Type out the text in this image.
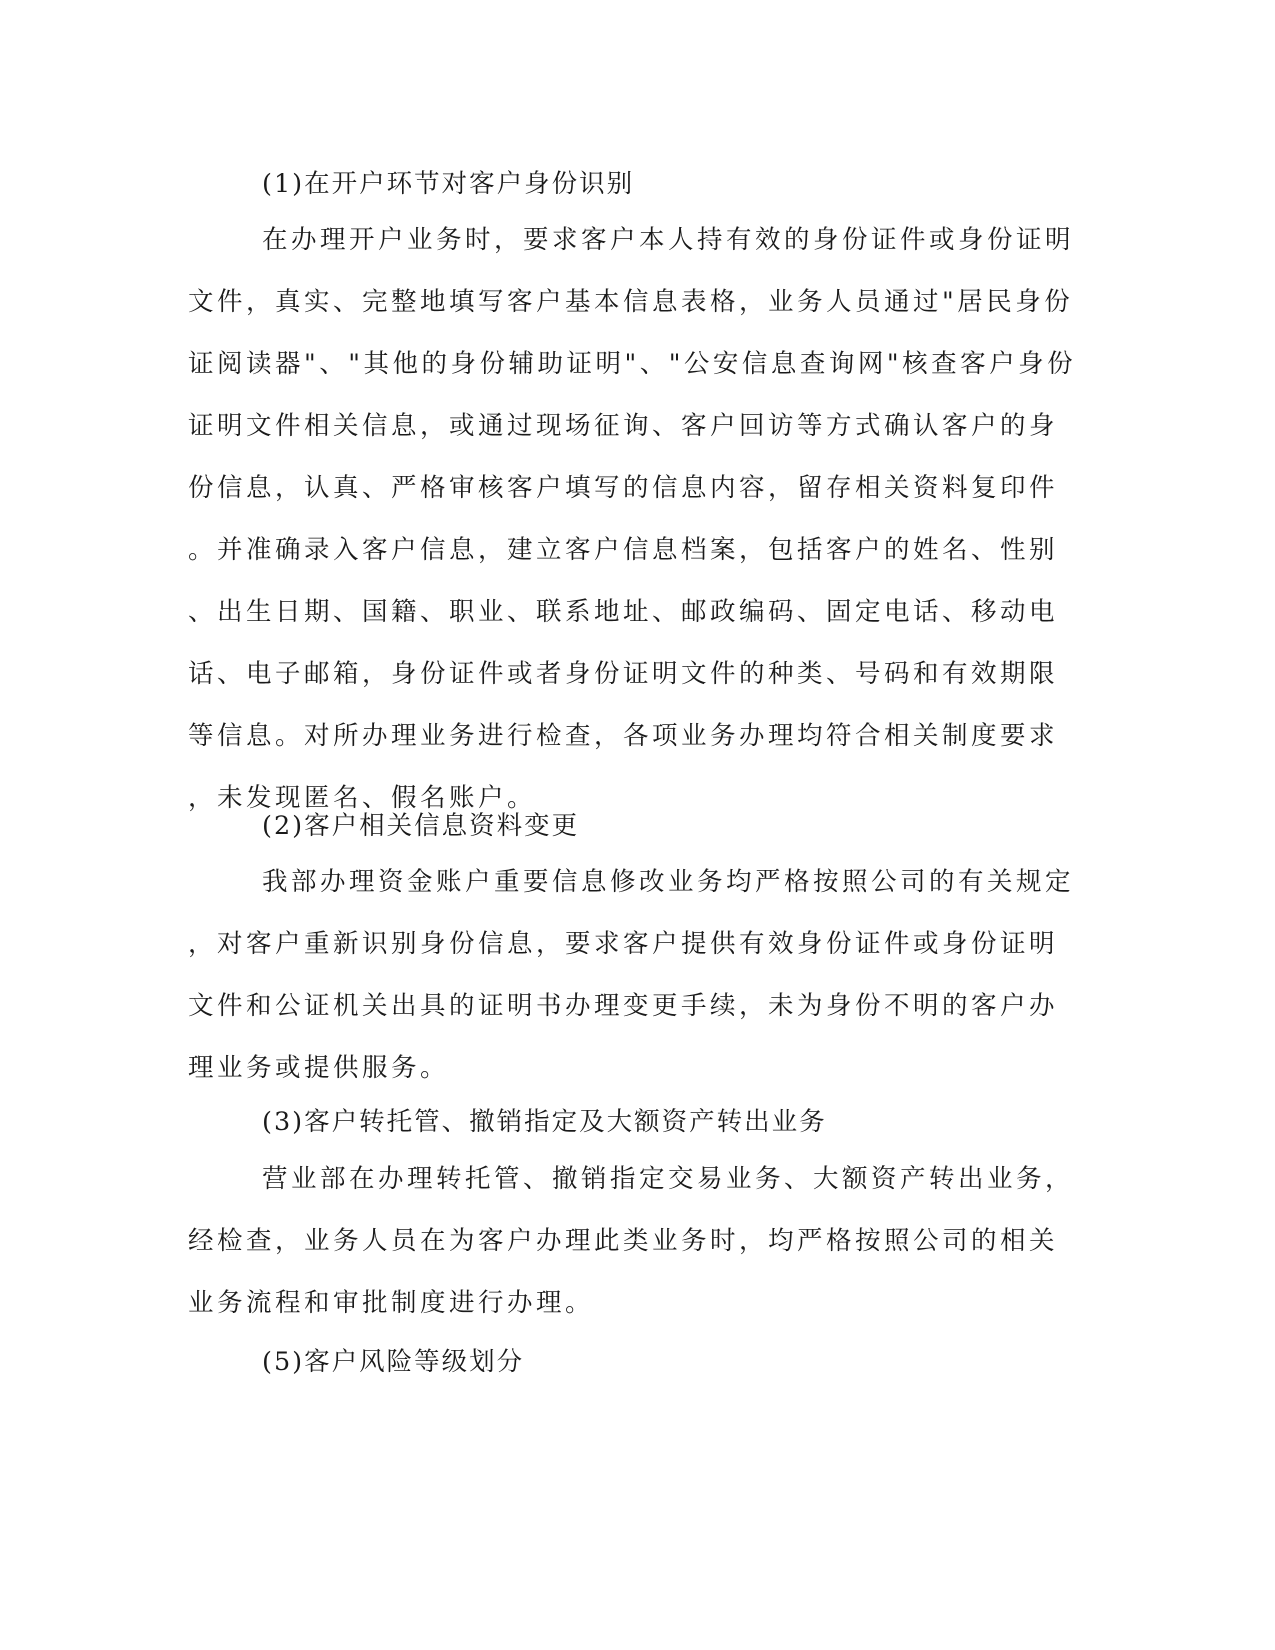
(1)在开户环节对客户身份识别
在办理开户业务时，要求客户本人持有效的身份证件或身份证明
文件，真实、完整地填写客户基本信息表格，业务人员通过"居民身份
证阅读器"、"其他的身份辅助证明"、"公安信息查询网"核查客户身份
证明文件相关信息，或通过现场征询、客户回访等方式确认客户的身
份信息，认真、严格审核客户填写的信息内容，留存相关资料复印件
。并准确录入客户信息，建立客户信息档案，包括客户的姓名、性别
、出生日期、国籍、职业、联系地址、邮政编码、固定电话、移动电
话、电子邮箱，身份证件或者身份证明文件的种类、号码和有效期限
等信息。对所办理业务进行检查，各项业务办理均符合相关制度要求
，未发现匿名、假名账户。
(2)客户相关信息资料变更
我部办理资金账户重要信息修改业务均严格按照公司的有关规定
，对客户重新识别身份信息，要求客户提供有效身份证件或身份证明
文件和公证机关出具的证明书办理变更手续，未为身份不明的客户办
理业务或提供服务。
(3)客户转托管、撤销指定及大额资产转出业务
营业部在办理转托管、撤销指定交易业务、大额资产转出业务，
经检查，业务人员在为客户办理此类业务时，均严格按照公司的相关
业务流程和审批制度进行办理。
(5)客户风险等级划分
